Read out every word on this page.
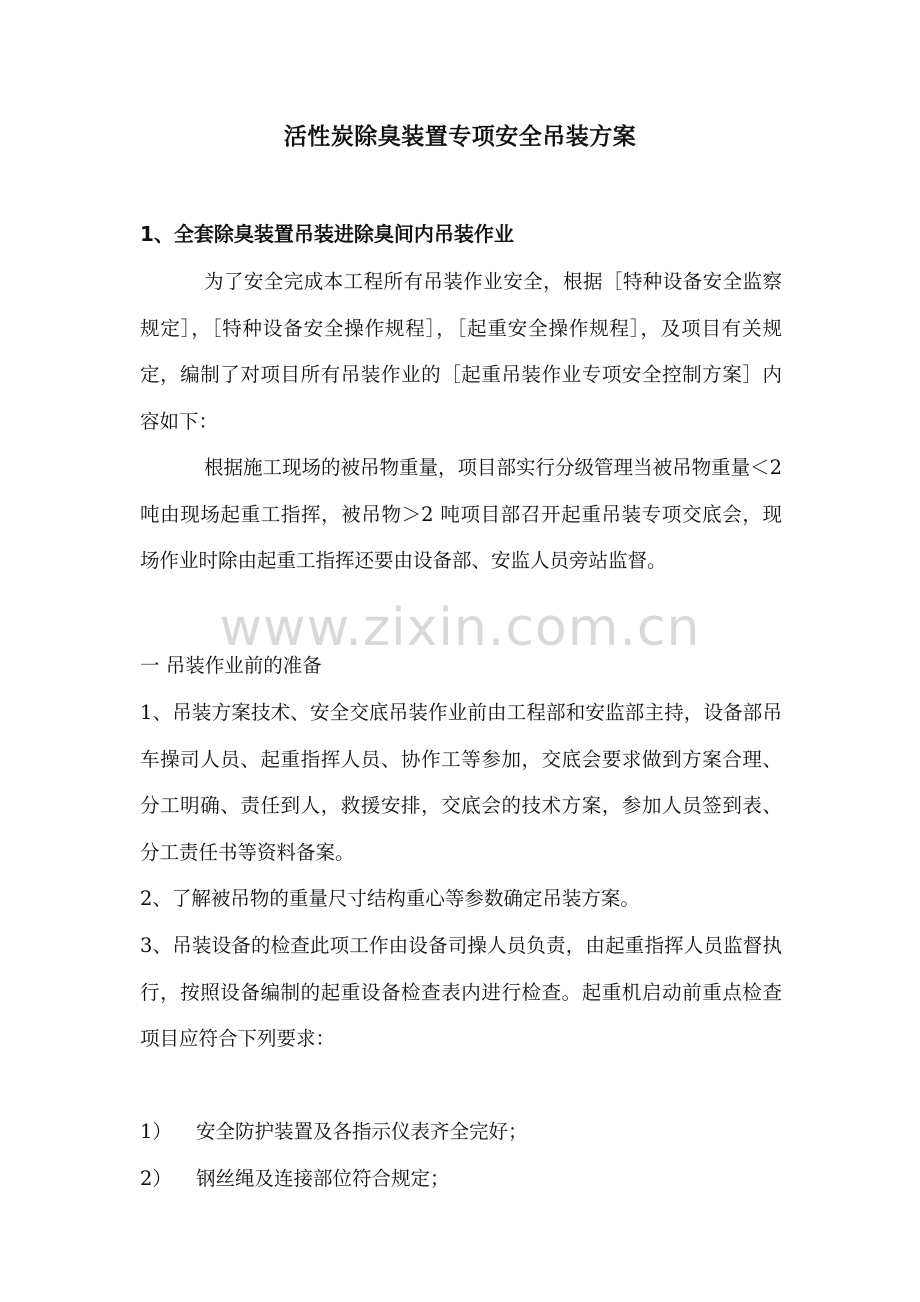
活性炭除臭装置专项安全吊装方案
1、全套除臭装置吊装进除臭间内吊装作业

为了安全完成本工程所有吊装作业安全，根据［特种设备安全监察规定］，［特种设备安全操作规程］，［起重安全操作规程］，及项目有关规定，编制了对项目所有吊装作业的［起重吊装作业专项安全控制方案］内容如下：

根据施工现场的被吊物重量，项目部实行分级管理当被吊物重量＜2 吨由现场起重工指挥，被吊物＞2 吨项目部召开起重吊装专项交底会，现场作业时除由起重工指挥还要由设备部、安监人员旁站监督。

一 吊装作业前的准备

1、吊装方案技术、安全交底吊装作业前由工程部和安监部主持，设备部吊车操司人员、起重指挥人员、协作工等参加，交底会要求做到方案合理、分工明确、责任到人，救援安排，交底会的技术方案，参加人员签到表、分工责任书等资料备案。

2、了解被吊物的重量尺寸结构重心等参数确定吊装方案。

3、吊装设备的检查此项工作由设备司操人员负责，由起重指挥人员监督执行，按照设备编制的起重设备检查表内进行检查。起重机启动前重点检查项目应符合下列要求：

1） 安全防护装置及各指示仪表齐全完好；
2） 钢丝绳及连接部位符合规定；
www.zixin.com.cn
